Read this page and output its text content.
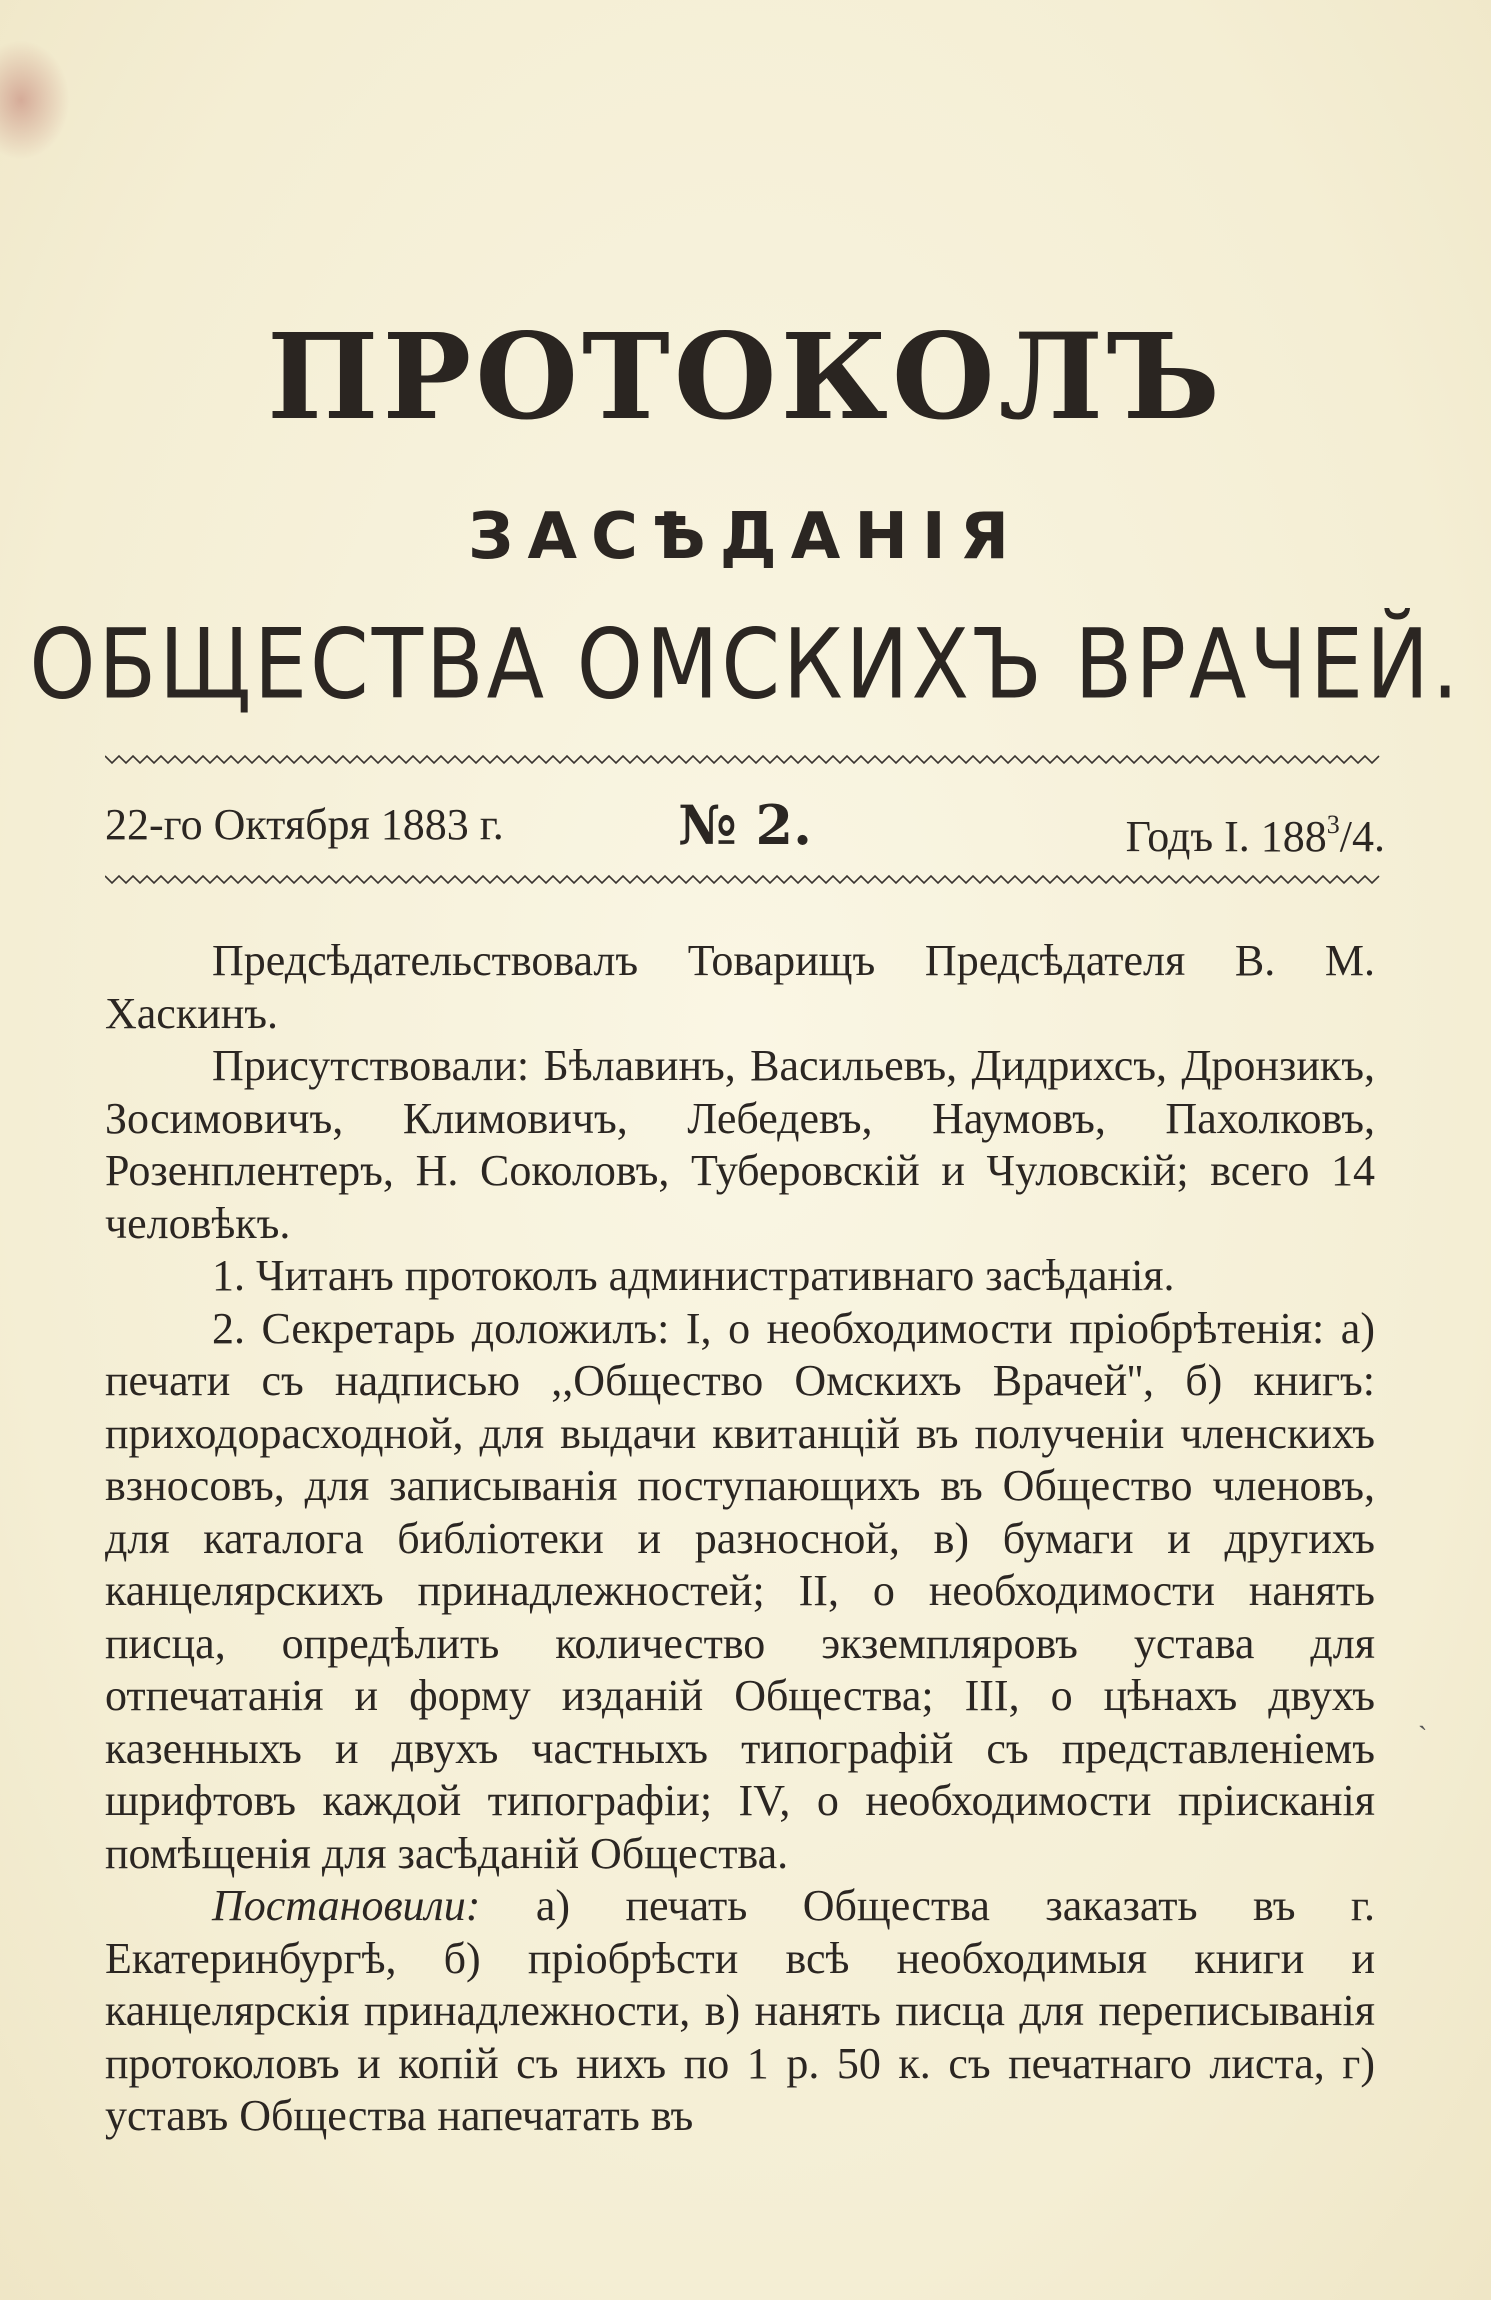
ПРОТОКОЛЪ
ЗАСѢДАНІЯ
ОБЩЕСТВА ОМСКИХЪ ВРАЧЕЙ.
22-го Октября 1883 г.	№ 2.	Годъ I. $188^3/4$.

Предсѣдательствовалъ Товарищъ Предсѣдателя В. М. Хаскинъ.

Присутствовали: Бѣлавинъ, Васильевъ, Дидрихсъ, Дронзикъ, Зосимовичъ, Климовичъ, Лебедевъ, Наумовъ, Пахолковъ, Розенплентеръ, Н. Соколовъ, Туберовскій и Чуловскій; всего 14 человѣкъ.

1. Читанъ протоколъ административнаго засѣданія.

2. Секретарь доложилъ: I, о необходимости пріобрѣтенія: а) печати съ надписью ,,Общество Омскихъ Врачей'', б) книгъ: приходорасходной, для выдачи квитанцій въ полученіи членскихъ взносовъ, для записыванія поступающихъ въ Общество членовъ, для каталога библіотеки и разносной, в) бумаги и другихъ канцелярскихъ принадлежностей; II, о необходимости нанять писца, опредѣлить количество экземпляровъ устава для отпечатанія и форму изданій Общества; III, о цѣнахъ двухъ казенныхъ и двухъ частныхъ типографій съ представленіемъ шрифтовъ каждой типографіи; IV, о необходимости пріисканія помѣщенія для засѣданій Общества.

Постановили: а) печать Общества заказать въ г. Екатеринбургѣ, б) пріобрѣсти всѣ необходимыя книги и канцелярскія принадлежности, в) нанять писца для переписыванія протоколовъ и копій съ нихъ по 1 р. 50 к. съ печатнаго листа, г) уставъ Общества напечатать въ

ˎ
